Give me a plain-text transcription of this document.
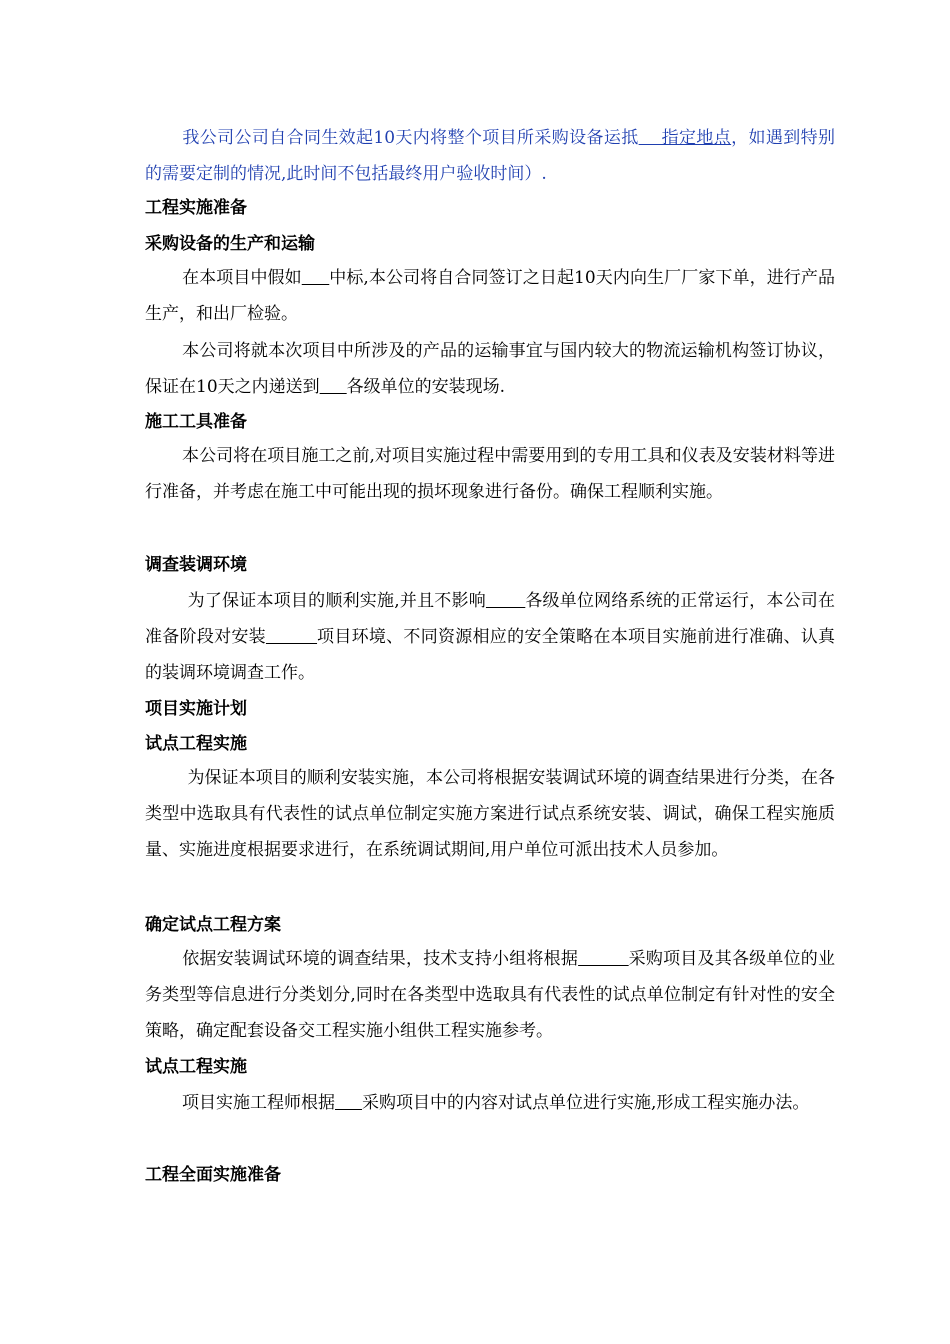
我公司公司自合同生效起10天内将整个项目所采购设备运抵    指定地点，如遇到特别的需要定制的情况,此时间不包括最终用户验收时间）.

工程实施准备
采购设备的生产和运输

在本项目中假如 中标,本公司将自合同签订之日起10天内向生厂厂家下单，进行产品生产，和出厂检验。

本公司将就本次项目中所涉及的产品的运输事宜与国内较大的物流运输机构签订协议，保证在10天之内递送到 各级单位的安装现场.

施工工具准备

本公司将在项目施工之前,对项目实施过程中需要用到的专用工具和仪表及安装材料等进行准备，并考虑在施工中可能出现的损坏现象进行备份。确保工程顺利实施。

调查装调环境

为了保证本项目的顺利实施,并且不影响 各级单位网络系统的正常运行，本公司在准备阶段对安装	项目环境、不同资源相应的安全策略在本项目实施前进行准确、认真的装调环境调查工作。

项目实施计划
试点工程实施

为保证本项目的顺利安装实施，本公司将根据安装调试环境的调查结果进行分类，在各类型中选取具有代表性的试点单位制定实施方案进行试点系统安装、调试，确保工程实施质量、实施进度根据要求进行，在系统调试期间,用户单位可派出技术人员参加。

确定试点工程方案

依据安装调试环境的调查结果，技术支持小组将根据	采购项目及其各级单位的业务类型等信息进行分类划分,同时在各类型中选取具有代表性的试点单位制定有针对性的安全策略，确定配套设备交工程实施小组供工程实施参考。

试点工程实施

项目实施工程师根据 采购项目中的内容对试点单位进行实施,形成工程实施办法。

工程全面实施准备
